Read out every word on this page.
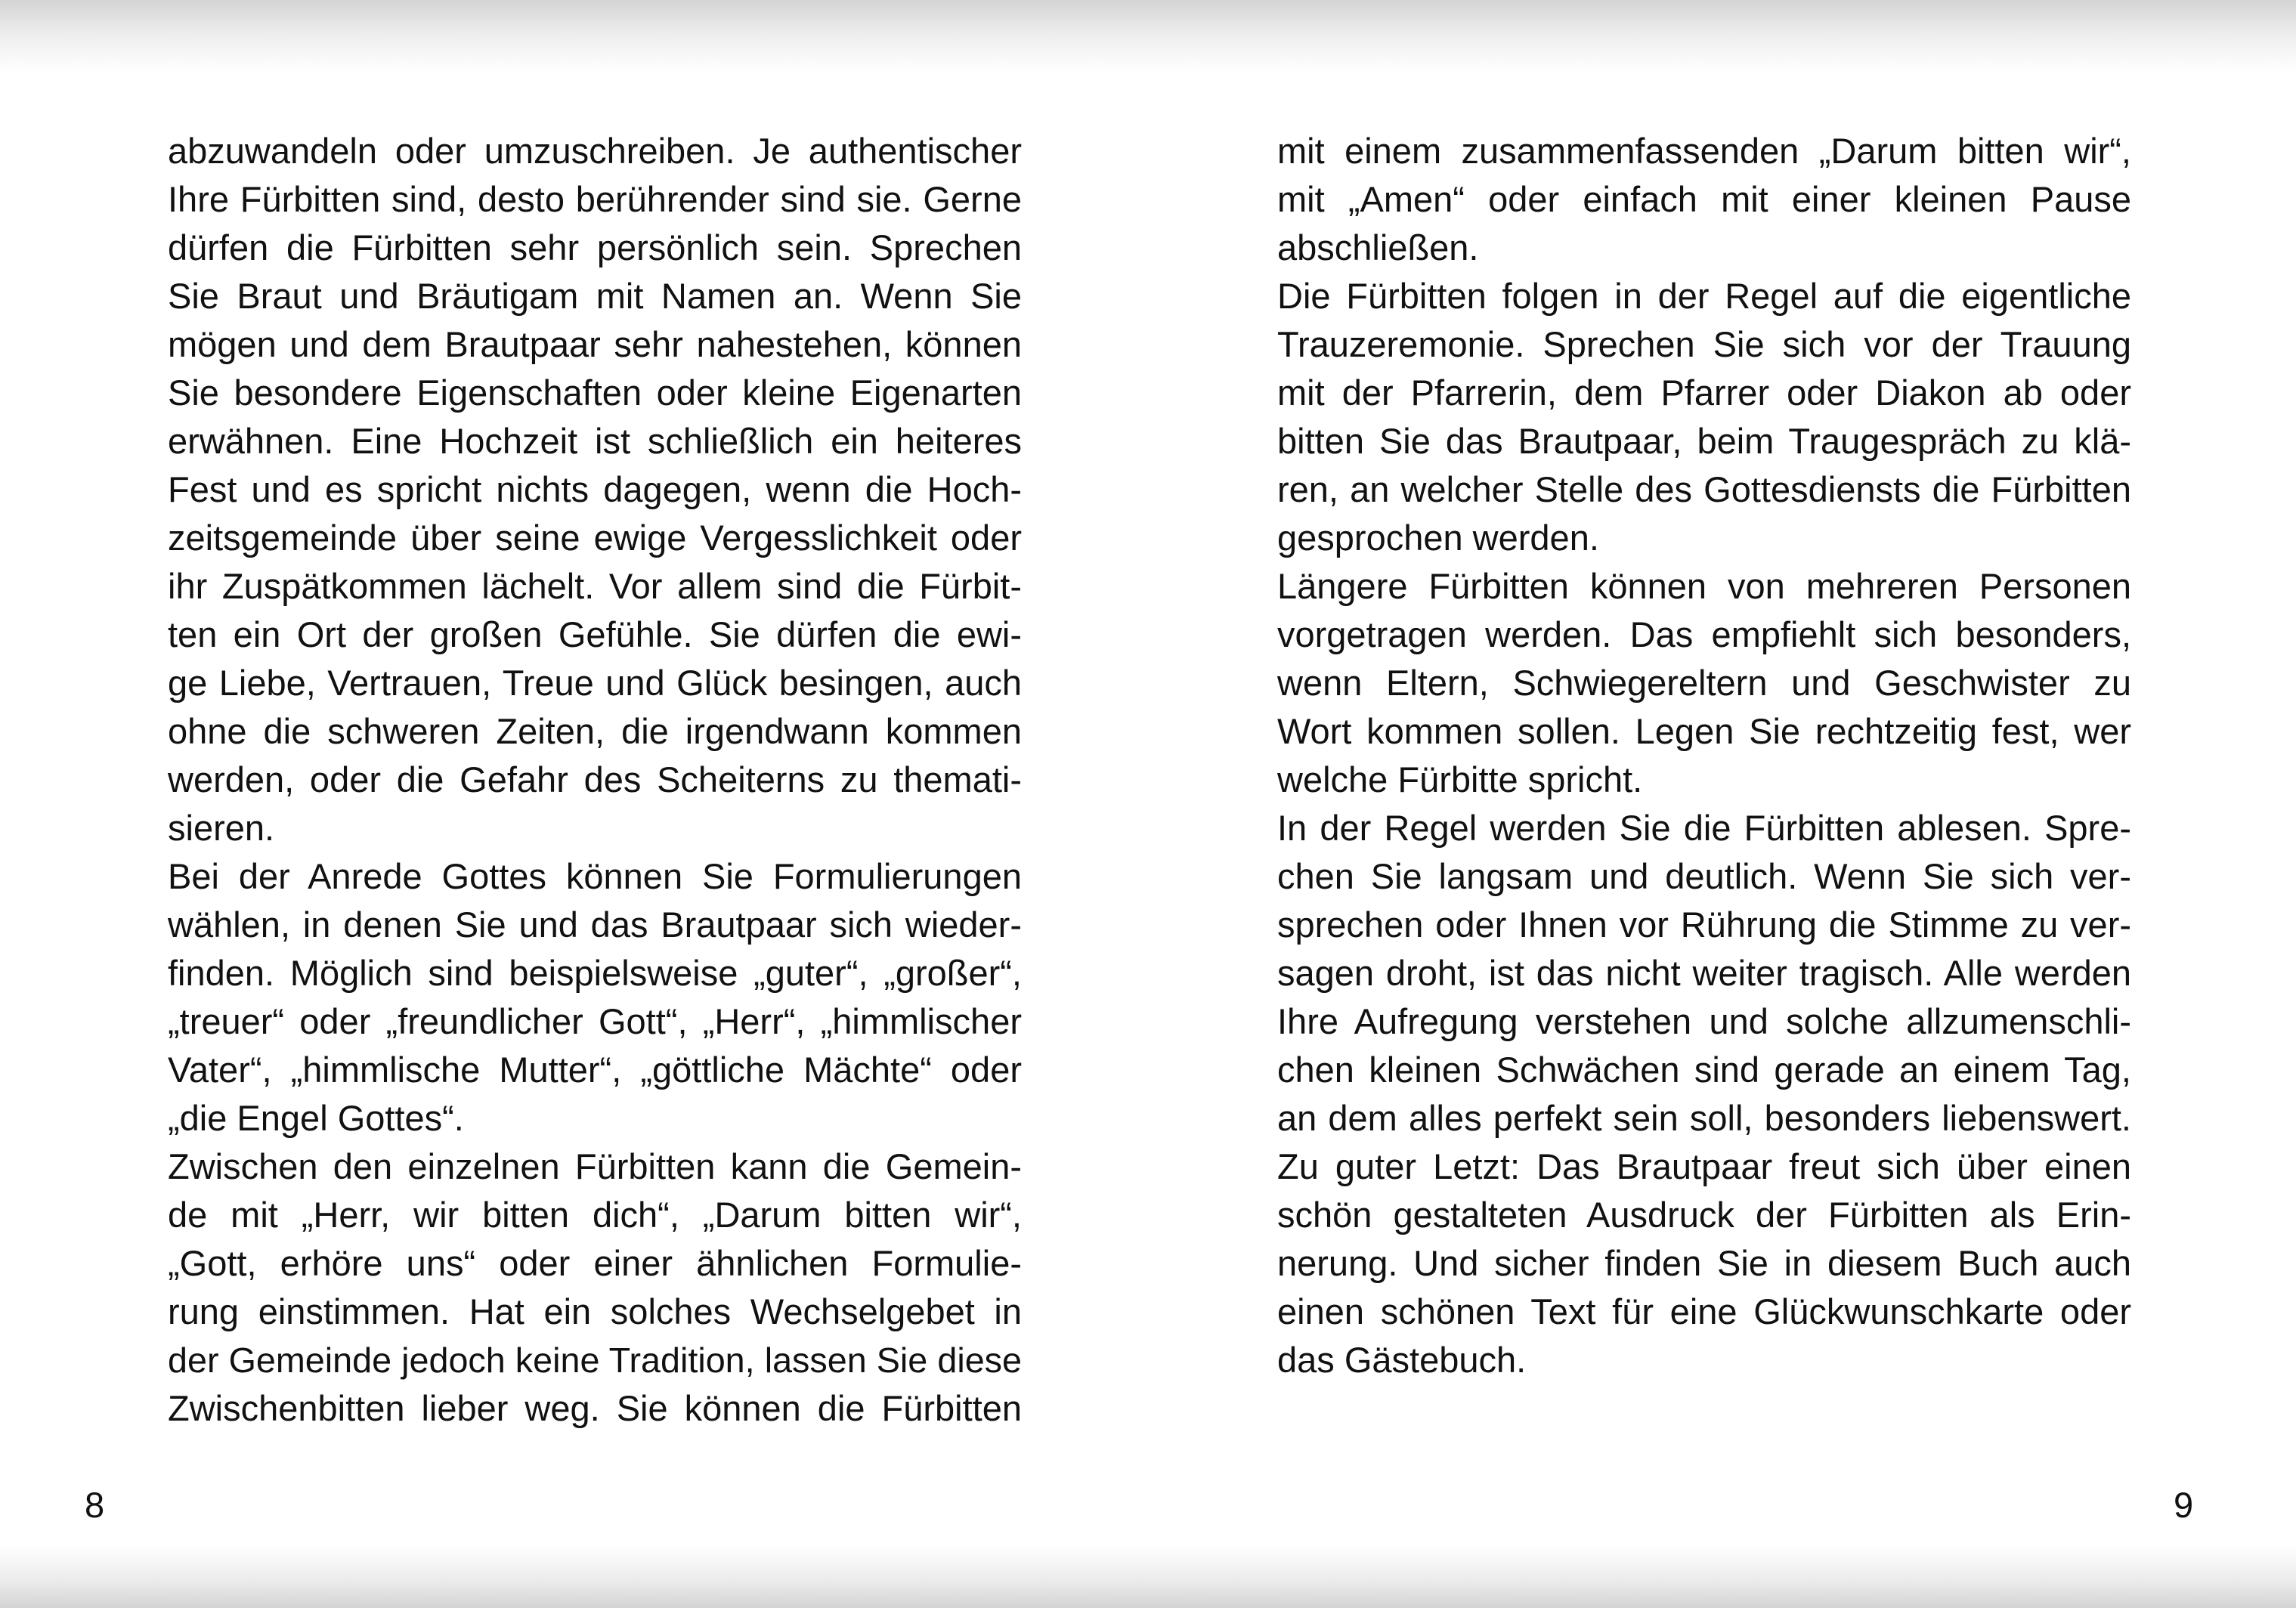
abzuwandeln oder umzuschreiben. Je authentischer
Ihre Fürbitten sind, desto berührender sind sie. Gerne
dürfen die Fürbitten sehr persönlich sein. Sprechen
Sie Braut und Bräutigam mit Namen an. Wenn Sie
mögen und dem Brautpaar sehr nahestehen, können
Sie besondere Eigenschaften oder kleine Eigenarten
erwähnen. Eine Hochzeit ist schließlich ein heiteres
Fest und es spricht nichts dagegen, wenn die Hoch-
zeitsgemeinde über seine ewige Vergesslichkeit oder
ihr Zuspätkommen lächelt. Vor allem sind die Fürbit-
ten ein Ort der großen Gefühle. Sie dürfen die ewi-
ge Liebe, Vertrauen, Treue und Glück besingen, auch
ohne die schweren Zeiten, die irgendwann kommen
werden, oder die Gefahr des Scheiterns zu themati-
sieren.
Bei der Anrede Gottes können Sie Formulierungen
wählen, in denen Sie und das Brautpaar sich wieder-
finden. Möglich sind beispielsweise „guter“, „großer“,
„treuer“ oder „freundlicher Gott“, „Herr“, „himmlischer
Vater“, „himmlische Mutter“, „göttliche Mächte“ oder
„die Engel Gottes“.
Zwischen den einzelnen Fürbitten kann die Gemein-
de mit „Herr, wir bitten dich“, „Darum bitten wir“,
„Gott, erhöre uns“ oder einer ähnlichen Formulie-
rung einstimmen. Hat ein solches Wechselgebet in
der Gemeinde jedoch keine Tradition, lassen Sie diese
Zwischenbitten lieber weg. Sie können die Fürbitten
mit einem zusammenfassenden „Darum bitten wir“,
mit „Amen“ oder einfach mit einer kleinen Pause
abschließen.
Die Fürbitten folgen in der Regel auf die eigentliche
Trauzeremonie. Sprechen Sie sich vor der Trauung
mit der Pfarrerin, dem Pfarrer oder Diakon ab oder
bitten Sie das Brautpaar, beim Traugespräch zu klä-
ren, an welcher Stelle des Gottesdiensts die Fürbitten
gesprochen werden.
Längere Fürbitten können von mehreren Personen
vorgetragen werden. Das empfiehlt sich besonders,
wenn Eltern, Schwiegereltern und Geschwister zu
Wort kommen sollen. Legen Sie rechtzeitig fest, wer
welche Fürbitte spricht.
In der Regel werden Sie die Fürbitten ablesen. Spre-
chen Sie langsam und deutlich. Wenn Sie sich ver-
sprechen oder Ihnen vor Rührung die Stimme zu ver-
sagen droht, ist das nicht weiter tragisch. Alle werden
Ihre Aufregung verstehen und solche allzumenschli-
chen kleinen Schwächen sind gerade an einem Tag,
an dem alles perfekt sein soll, besonders liebenswert.
Zu guter Letzt: Das Brautpaar freut sich über einen
schön gestalteten Ausdruck der Fürbitten als Erin-
nerung. Und sicher finden Sie in diesem Buch auch
einen schönen Text für eine Glückwunschkarte oder
das Gästebuch.
8	9
